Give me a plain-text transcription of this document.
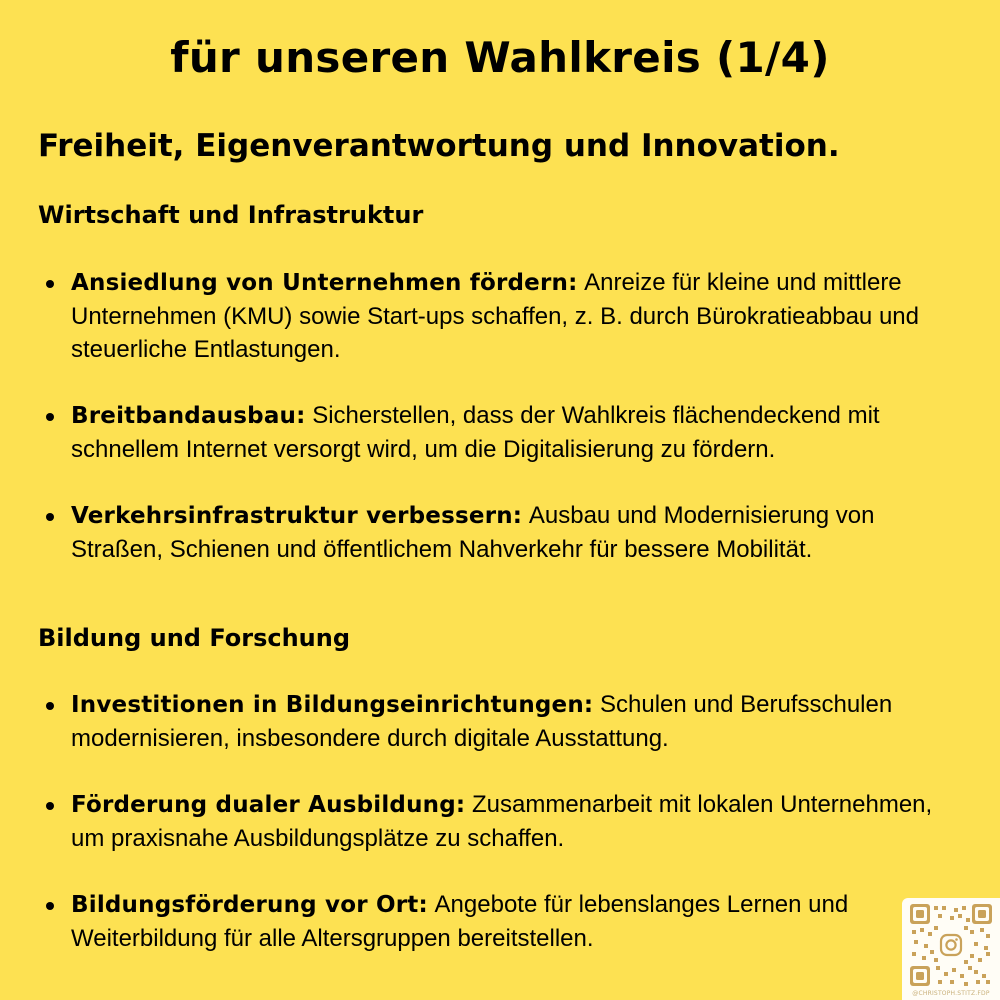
für unseren Wahlkreis (1/4)
Freiheit, Eigenverantwortung und Innovation.
Wirtschaft und Infrastruktur
Ansiedlung von Unternehmen fördern: Anreize für kleine und mittlere Unternehmen (KMU) sowie Start-ups schaffen, z. B. durch Bürokratieabbau und steuerliche Entlastungen.
Breitbandausbau: Sicherstellen, dass der Wahlkreis flächendeckend mit schnellem Internet versorgt wird, um die Digitalisierung zu fördern.
Verkehrsinfrastruktur verbessern: Ausbau und Modernisierung von Straßen, Schienen und öffentlichem Nahverkehr für bessere Mobilität.
Bildung und Forschung
Investitionen in Bildungseinrichtungen: Schulen und Berufsschulen modernisieren, insbesondere durch digitale Ausstattung.
Förderung dualer Ausbildung: Zusammenarbeit mit lokalen Unternehmen, um praxisnahe Ausbildungsplätze zu schaffen.
Bildungsförderung vor Ort: Angebote für lebenslanges Lernen und Weiterbildung für alle Altersgruppen bereitstellen.
@CHRISTOPH.STITZ.FDP
